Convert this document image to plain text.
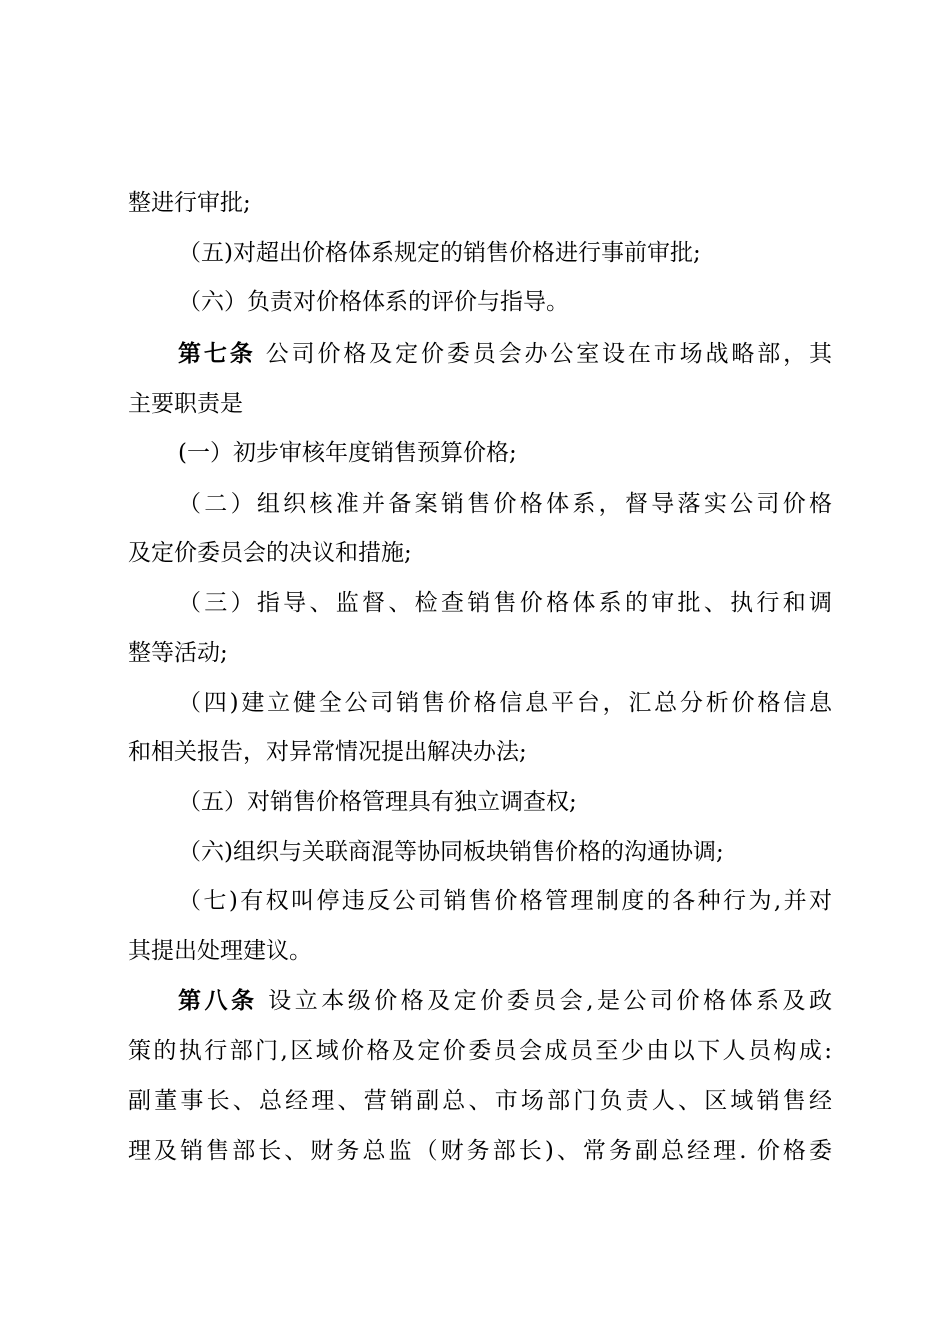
整进行审批;
（五)对超出价格体系规定的销售价格进行事前审批;
（六）负责对价格体系的评价与指导。
第七条 公司价格及定价委员会办公室设在市场战略部，其
主要职责是
(一）初步审核年度销售预算价格;
（二）组织核准并备案销售价格体系，督导落实公司价格
及定价委员会的决议和措施;
（三）指导、监督、检查销售价格体系的审批、执行和调
整等活动;
（四)建立健全公司销售价格信息平台，汇总分析价格信息
和相关报告，对异常情况提出解决办法;
（五）对销售价格管理具有独立调查权;
（六)组织与关联商混等协同板块销售价格的沟通协调;
（七)有权叫停违反公司销售价格管理制度的各种行为,并对
其提出处理建议。
第八条 设立本级价格及定价委员会,是公司价格体系及政
策的执行部门,区域价格及定价委员会成员至少由以下人员构成:
副董事长、总经理、营销副总、市场部门负责人、区域销售经
理及销售部长、财务总监（财务部长)、常务副总经理. 价格委
